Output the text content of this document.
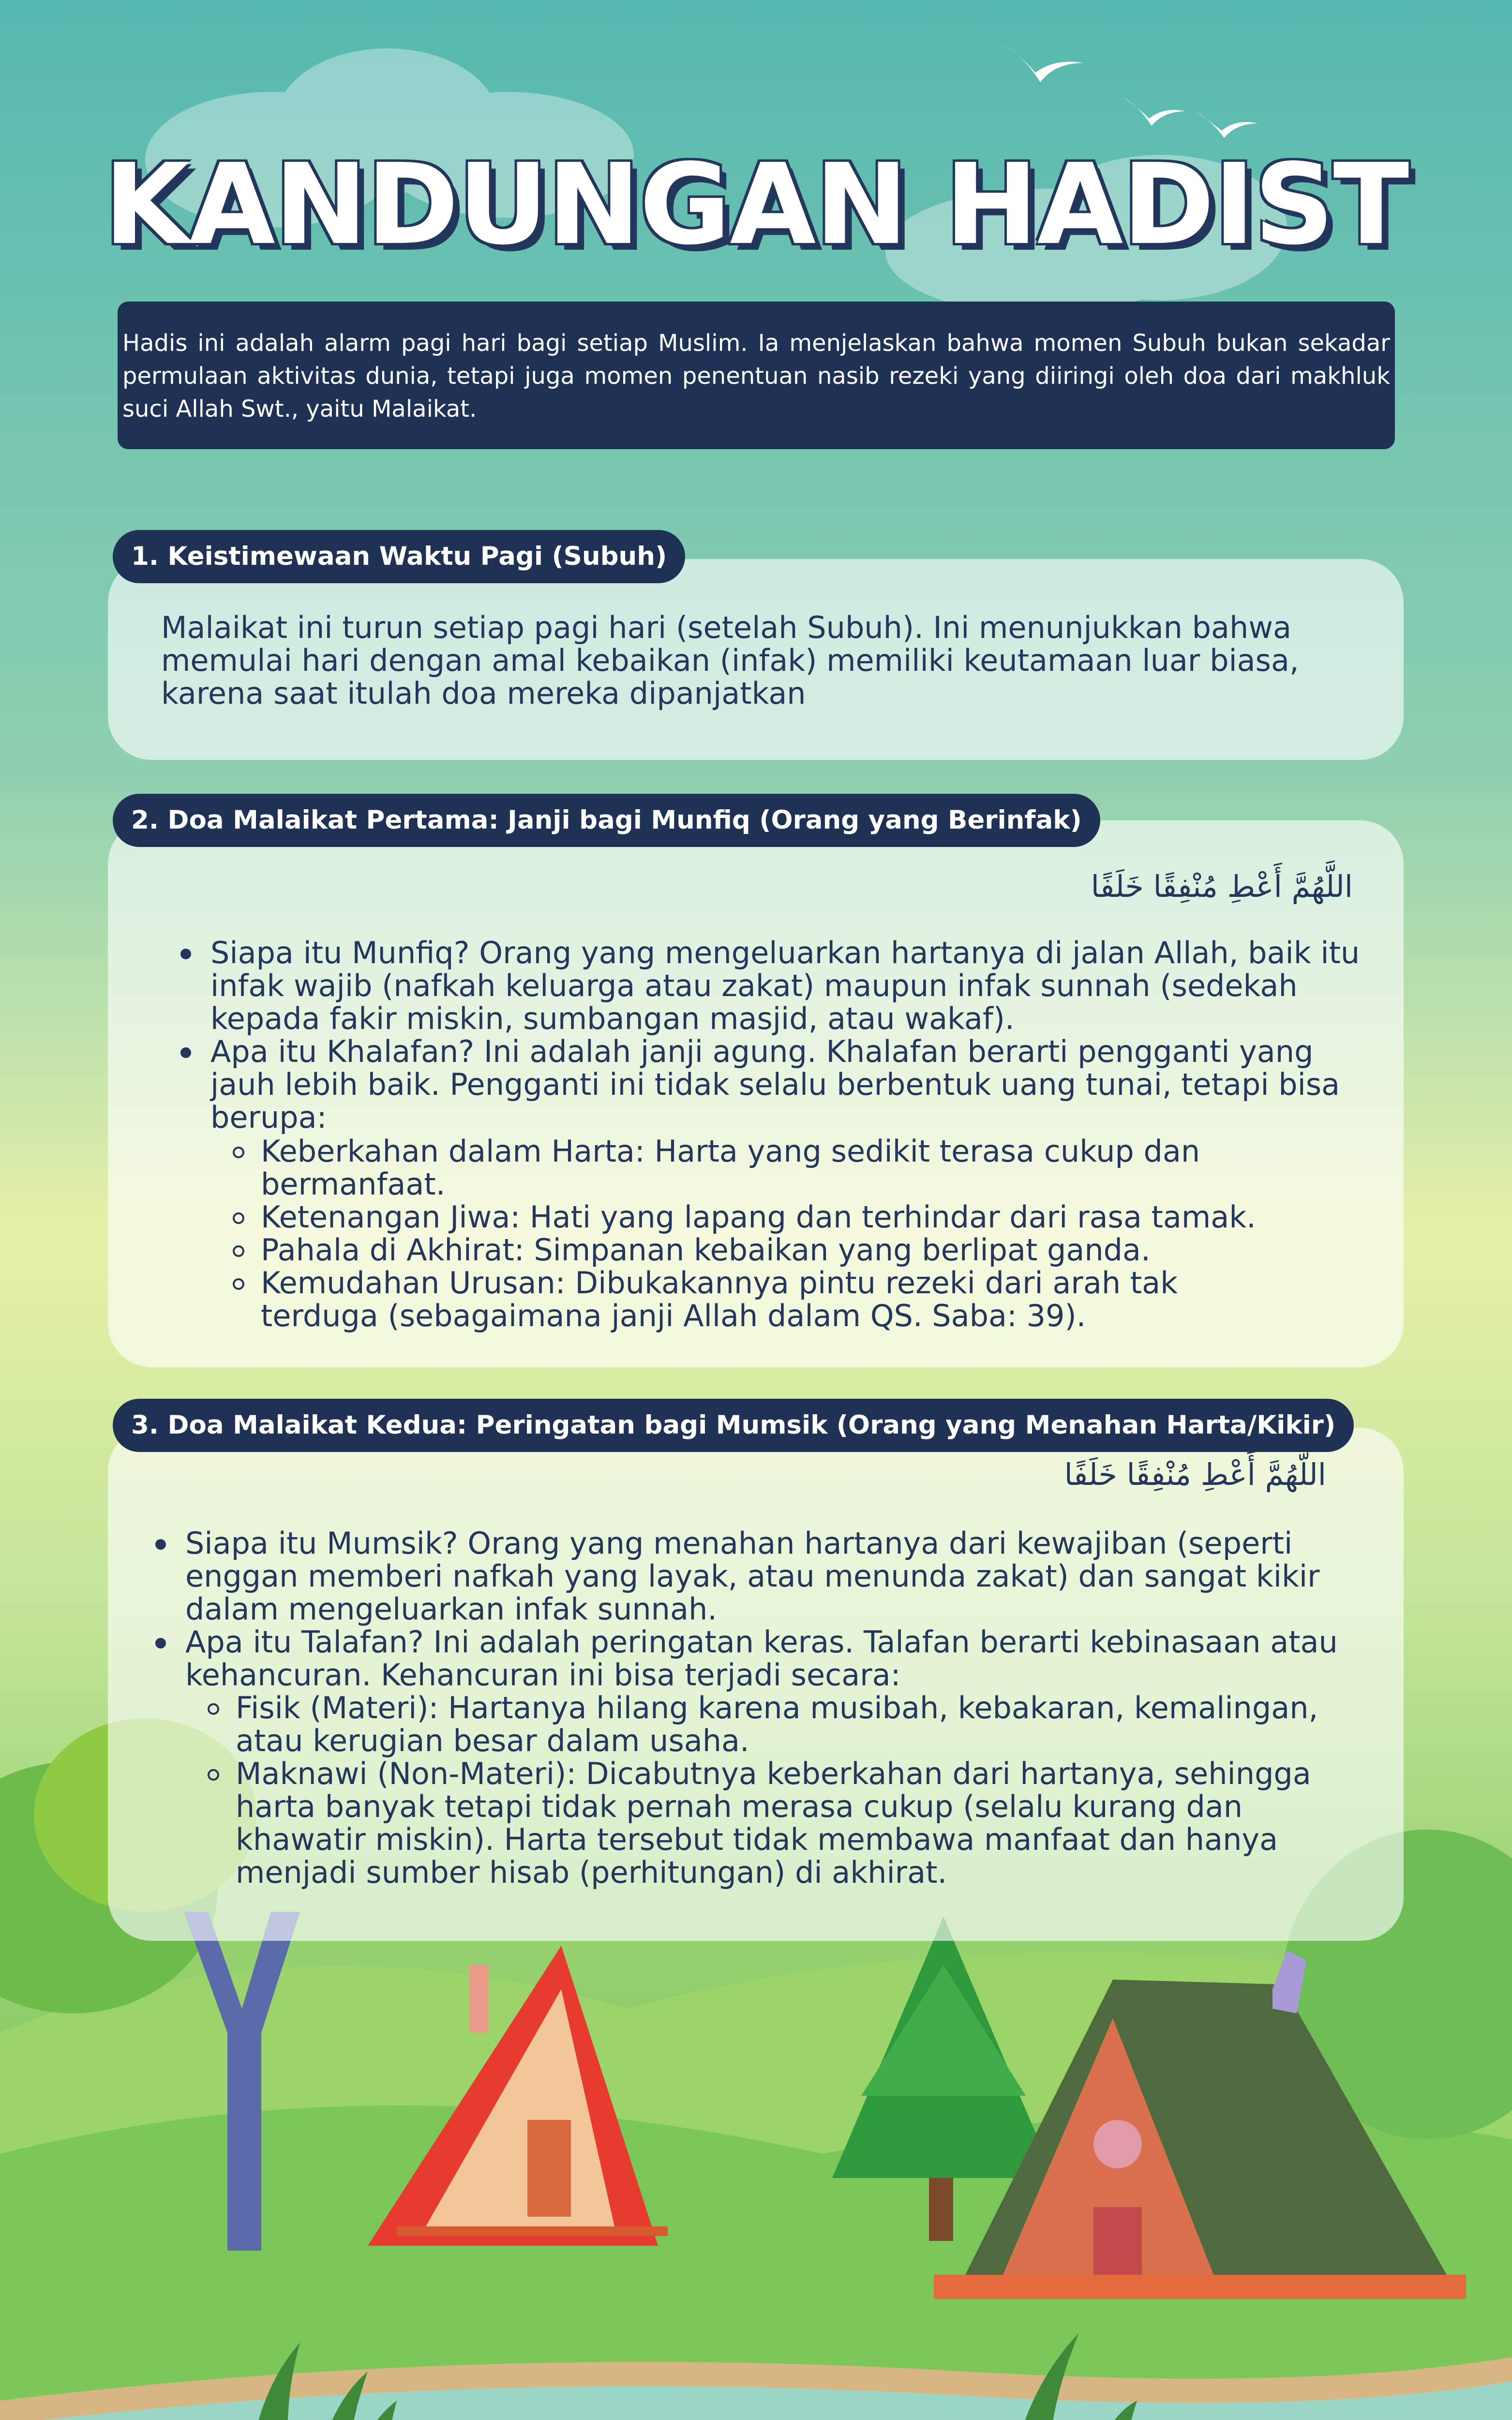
KANDUNGAN HADIST
Hadis ini adalah alarm pagi hari bagi setiap Muslim. Ia menjelaskan bahwa momen Subuh bukan sekadar permulaan aktivitas dunia, tetapi juga momen penentuan nasib rezeki yang diiringi oleh doa dari makhluk suci Allah Swt., yaitu Malaikat.

Malaikat ini turun setiap pagi hari (setelah Subuh). Ini menunjukkan bahwa memulai hari dengan amal kebaikan (infak) memiliki keutamaan luar biasa, karena saat itulah doa mereka dipanjatkan

1. Keistimewaan Waktu Pagi (Subuh)
اللَّهُمَّ أَعْطِ مُنْفِقًا خَلَفًا
Siapa itu Munfiq? Orang yang mengeluarkan hartanya di jalan Allah, baik itu infak wajib (nafkah keluarga atau zakat) maupun infak sunnah (sedekah kepada fakir miskin, sumbangan masjid, atau wakaf).
Apa itu Khalafan? Ini adalah janji agung. Khalafan berarti pengganti yang jauh lebih baik. Pengganti ini tidak selalu berbentuk uang tunai, tetapi bisa berupa:
Keberkahan dalam Harta: Harta yang sedikit terasa cukup dan bermanfaat.
Ketenangan Jiwa: Hati yang lapang dan terhindar dari rasa tamak.
Pahala di Akhirat: Simpanan kebaikan yang berlipat ganda.
Kemudahan Urusan: Dibukakannya pintu rezeki dari arah tak terduga (sebagaimana janji Allah dalam QS. Saba: 39).
2. Doa Malaikat Pertama: Janji bagi Munfiq (Orang yang Berinfak)
اللَّهُمَّ أَعْطِ مُنْفِقًا خَلَفًا
Siapa itu Mumsik? Orang yang menahan hartanya dari kewajiban (seperti enggan memberi nafkah yang layak, atau menunda zakat) dan sangat kikir dalam mengeluarkan infak sunnah.
Apa itu Talafan? Ini adalah peringatan keras. Talafan berarti kebinasaan atau kehancuran. Kehancuran ini bisa terjadi secara:
Fisik (Materi): Hartanya hilang karena musibah, kebakaran, kemalingan, atau kerugian besar dalam usaha.
Maknawi (Non-Materi): Dicabutnya keberkahan dari hartanya, sehingga harta banyak tetapi tidak pernah merasa cukup (selalu kurang dan khawatir miskin). Harta tersebut tidak membawa manfaat dan hanya menjadi sumber hisab (perhitungan) di akhirat.
3. Doa Malaikat Kedua: Peringatan bagi Mumsik (Orang yang Menahan Harta/Kikir)
